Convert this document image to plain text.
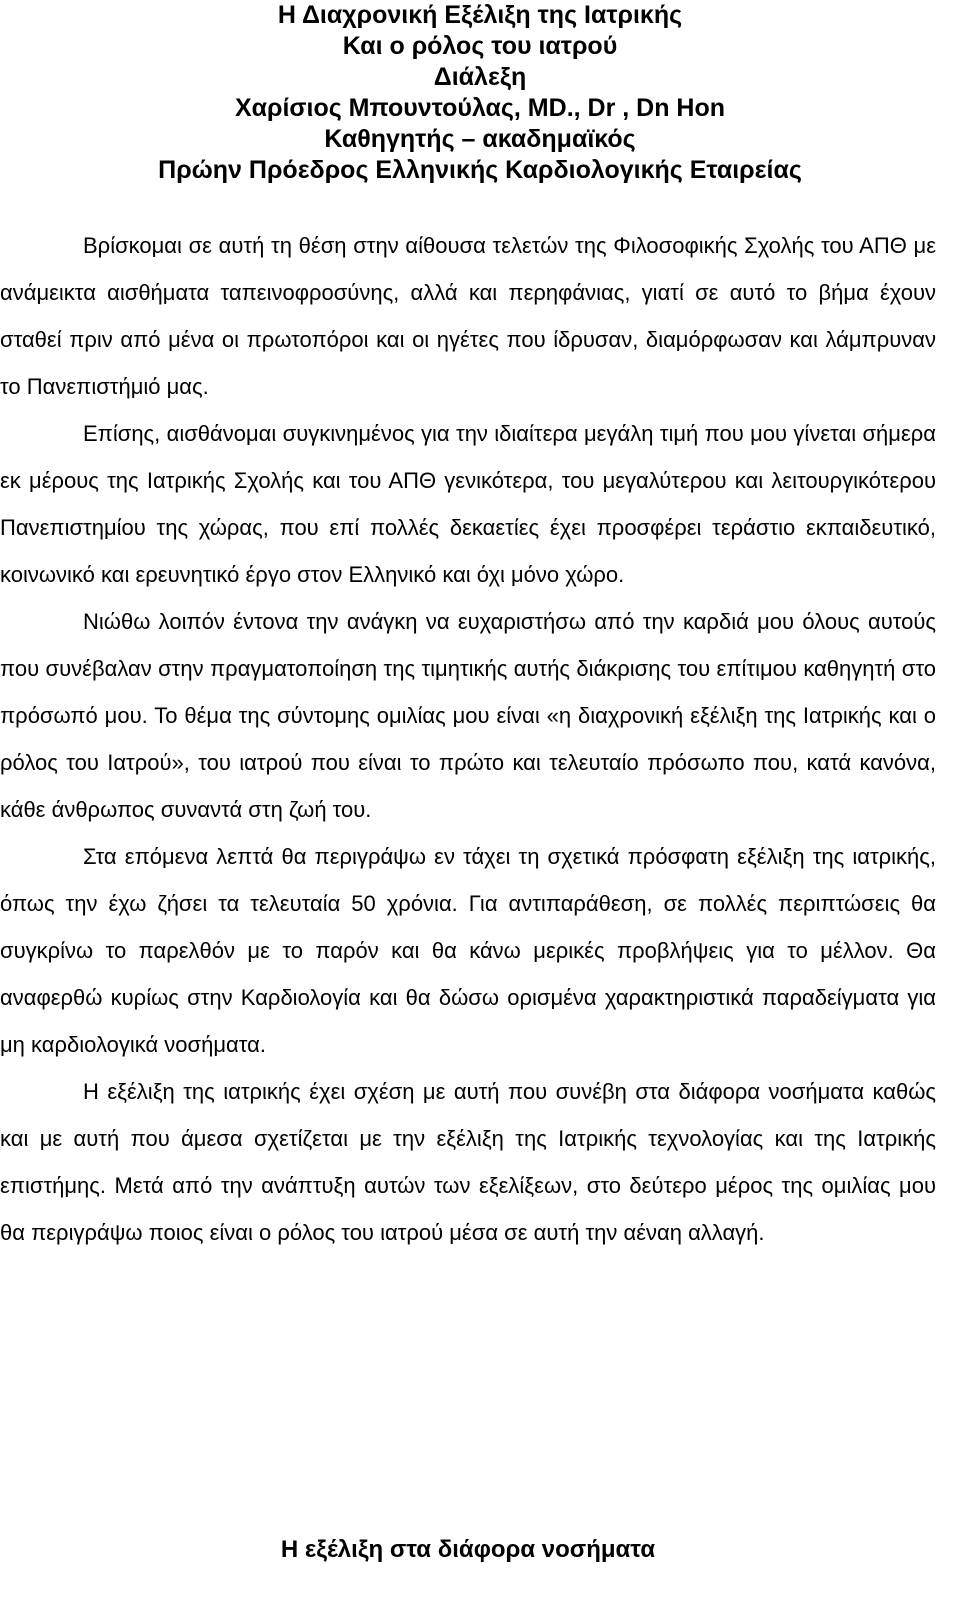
Η Διαχρονική Εξέλιξη της Ιατρικής
Και ο ρόλος του ιατρού
Διάλεξη
Χαρίσιος Μπουντούλας, MD., Dr , Dn Hon
Καθηγητής – ακαδημαϊκός
Πρώην Πρόεδρος Ελληνικής Καρδιολογικής Εταιρείας

Βρίσκομαι σε αυτή τη θέση στην αίθουσα τελετών της Φιλοσοφικής Σχολής του ΑΠΘ με ανάμεικτα αισθήματα ταπεινοφροσύνης, αλλά και περηφάνιας, γιατί σε αυτό το βήμα έχουν σταθεί πριν από μένα οι πρωτοπόροι και οι ηγέτες που ίδρυσαν, διαμόρφωσαν και λάμπρυναν το Πανεπιστήμιό μας.

Επίσης, αισθάνομαι συγκινημένος για την ιδιαίτερα μεγάλη τιμή που μου γίνεται σήμερα εκ μέρους της Ιατρικής Σχολής και του ΑΠΘ γενικότερα, του μεγαλύτερου και λειτουργικότερου Πανεπιστημίου της χώρας, που επί πολλές δεκαετίες έχει προσφέρει τεράστιο εκπαιδευτικό, κοινωνικό και ερευνητικό έργο στον Ελληνικό και όχι μόνο χώρο.

Νιώθω λοιπόν έντονα την ανάγκη να ευχαριστήσω από την καρδιά μου όλους αυτούς που συνέβαλαν στην πραγματοποίηση της τιμητικής αυτής διάκρισης του επίτιμου καθηγητή στο πρόσωπό μου. Το θέμα της σύντομης ομιλίας μου είναι «η διαχρονική εξέλιξη της Ιατρικής και ο ρόλος του Ιατρού», του ιατρού που είναι το πρώτο και τελευταίο πρόσωπο που, κατά κανόνα, κάθε άνθρωπος συναντά στη ζωή του.

Στα επόμενα λεπτά θα περιγράψω εν τάχει τη σχετικά πρόσφατη εξέλιξη της ιατρικής, όπως την έχω ζήσει τα τελευταία 50 χρόνια. Για αντιπαράθεση, σε πολλές περιπτώσεις θα συγκρίνω το παρελθόν με το παρόν και θα κάνω μερικές προβλήψεις για το μέλλον. Θα αναφερθώ κυρίως στην Καρδιολογία και θα δώσω ορισμένα χαρακτηριστικά παραδείγματα για μη καρδιολογικά νοσήματα.

Η εξέλιξη της ιατρικής έχει σχέση με αυτή που συνέβη στα διάφορα νοσήματα καθώς και με αυτή που άμεσα σχετίζεται με την εξέλιξη της Ιατρικής τεχνολογίας και της Ιατρικής επιστήμης. Μετά από την ανάπτυξη αυτών των εξελίξεων, στο δεύτερο μέρος της ομιλίας μου θα περιγράψω ποιος είναι ο ρόλος του ιατρού μέσα σε αυτή την αέναη αλλαγή.

Η εξέλιξη στα διάφορα νοσήματα
